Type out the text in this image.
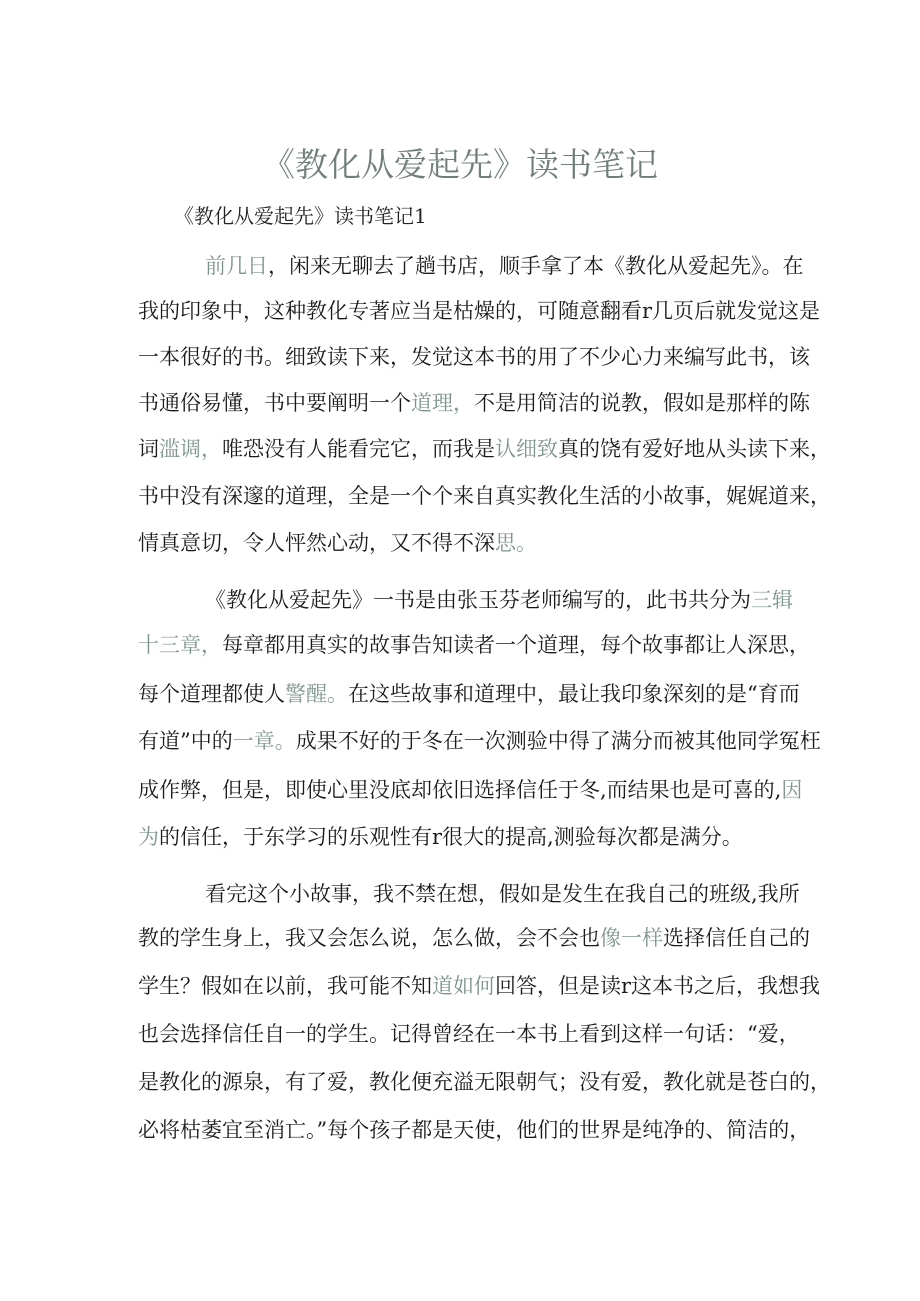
《教化从爱起先》读书笔记
《教化从爱起先》读书笔记1
前几日，闲来无聊去了趟书店，顺手拿了本《教化从爱起先》。在
我的印象中，这种教化专著应当是枯燥的，可随意翻看r几页后就发觉这是
一本很好的书。细致读下来，发觉这本书的用了不少心力来编写此书，该
书通俗易懂，书中要阐明一个道理，不是用简洁的说教，假如是那样的陈
词滥调，唯恐没有人能看完它，而我是认细致真的饶有爱好地从头读下来，
书中没有深邃的道理，全是一个个来自真实教化生活的小故事，娓娓道来，
情真意切，令人怦然心动，又不得不深思。
《教化从爱起先》一书是由张玉芬老师编写的，此书共分为三辑
十三章，每章都用真实的故事告知读者一个道理，每个故事都让人深思，
每个道理都使人警醒。在这些故事和道理中，最让我印象深刻的是“育而
有道”中的一章。成果不好的于冬在一次测验中得了满分而被其他同学冤枉
成作弊，但是，即使心里没底却依旧选择信任于冬,而结果也是可喜的,因
为的信任，于东学习的乐观性有r很大的提高,测验每次都是满分。
看完这个小故事，我不禁在想，假如是发生在我自己的班级,我所
教的学生身上，我又会怎么说，怎么做，会不会也像一样选择信任自己的
学生？假如在以前，我可能不知道如何回答，但是读r这本书之后，我想我
也会选择信任自一的学生。记得曾经在一本书上看到这样一句话：“爱，
是教化的源泉，有了爱，教化便充溢无限朝气；没有爱，教化就是苍白的，
必将枯萎宜至消亡。”每个孩子都是天使，他们的世界是纯净的、简洁的，
